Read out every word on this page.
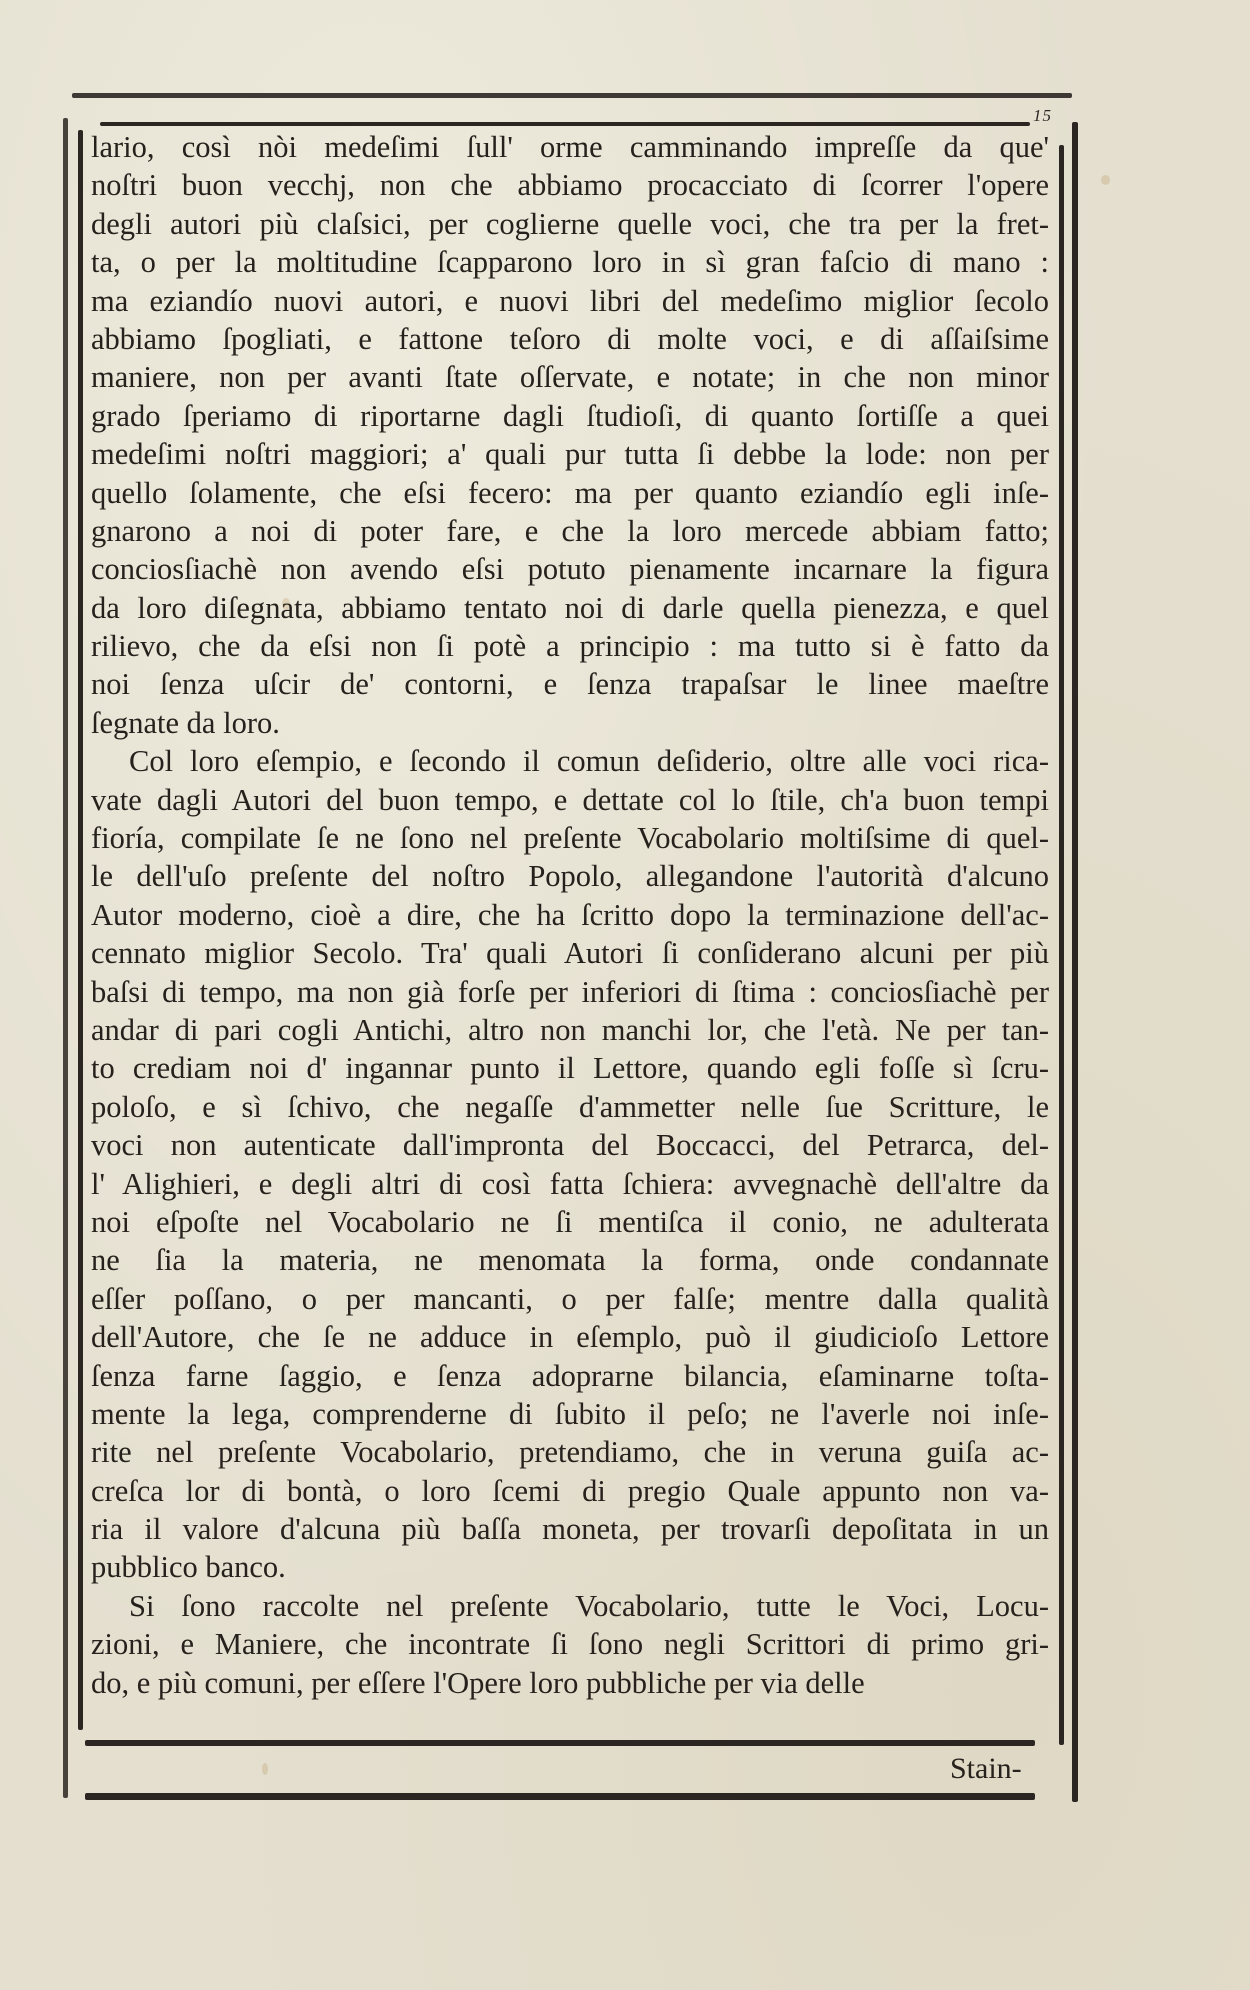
15
lario, così nòi medeſimi ſull' orme camminando impreſſe da que'
noſtri buon vecchj, non che abbiamo procacciato di ſcorrer l'opere
degli autori più claſsici, per coglierne quelle voci, che tra per la fret-
ta, o per la moltitudine ſcapparono loro in sì gran faſcio di mano :
ma eziandío nuovi autori, e nuovi libri del medeſimo miglior ſecolo
abbiamo ſpogliati, e fattone teſoro di molte voci, e di aſſaiſsime
maniere, non per avanti ſtate oſſervate, e notate; in che non minor
grado ſperiamo di riportarne dagli ſtudioſi, di quanto ſortiſſe a quei
medeſimi noſtri maggiori; a' quali pur tutta ſi debbe la lode: non per
quello ſolamente, che eſsi fecero: ma per quanto eziandío egli inſe-
gnarono a noi di poter fare, e che la loro mercede abbiam fatto;
conciosſiachè non avendo eſsi potuto pienamente incarnare la figura
da loro diſegnata, abbiamo tentato noi di darle quella pienezza, e quel
rilievo, che da eſsi non ſi potè a principio : ma tutto si è fatto da
noi ſenza uſcir de' contorni, e ſenza trapaſsar le linee maeſtre
ſegnate da loro.
Col loro eſempio, e ſecondo il comun deſiderio, oltre alle voci rica-
vate dagli Autori del buon tempo, e dettate col lo ſtile, ch'a buon tempi
fioría, compilate ſe ne ſono nel preſente Vocabolario moltiſsime di quel-
le dell'uſo preſente del noſtro Popolo, allegandone l'autorità d'alcuno
Autor moderno, cioè a dire, che ha ſcritto dopo la terminazione dell'ac-
cennato miglior Secolo. Tra' quali Autori ſi conſiderano alcuni per più
baſsi di tempo, ma non già forſe per inferiori di ſtima : conciosſiachè per
andar di pari cogli Antichi, altro non manchi lor, che l'età. Ne per tan-
to crediam noi d' ingannar punto il Lettore, quando egli foſſe sì ſcru-
poloſo, e sì ſchivo, che negaſſe d'ammetter nelle ſue Scritture, le
voci non autenticate dall'impronta del Boccacci, del Petrarca, del-
l' Alighieri, e degli altri di così fatta ſchiera: avvegnachè dell'altre da
noi eſpoſte nel Vocabolario ne ſi mentiſca il conio, ne adulterata
ne ſia la materia, ne menomata la forma, onde condannate
eſſer poſſano, o per mancanti, o per falſe; mentre dalla qualità
dell'Autore, che ſe ne adduce in eſemplo, può il giudicioſo Lettore
ſenza farne ſaggio, e ſenza adoprarne bilancia, eſaminarne toſta-
mente la lega, comprenderne di ſubito il peſo; ne l'averle noi inſe-
rite nel preſente Vocabolario, pretendiamo, che in veruna guiſa ac-
creſca lor di bontà, o loro ſcemi di pregio Quale appunto non va-
ria il valore d'alcuna più baſſa moneta, per trovarſi depoſitata in un
pubblico banco.
Si ſono raccolte nel preſente Vocabolario, tutte le Voci, Locu-
zioni, e Maniere, che incontrate ſi ſono negli Scrittori di primo gri-
do, e più comuni, per eſſere l'Opere loro pubbliche per via delle
Stain-
